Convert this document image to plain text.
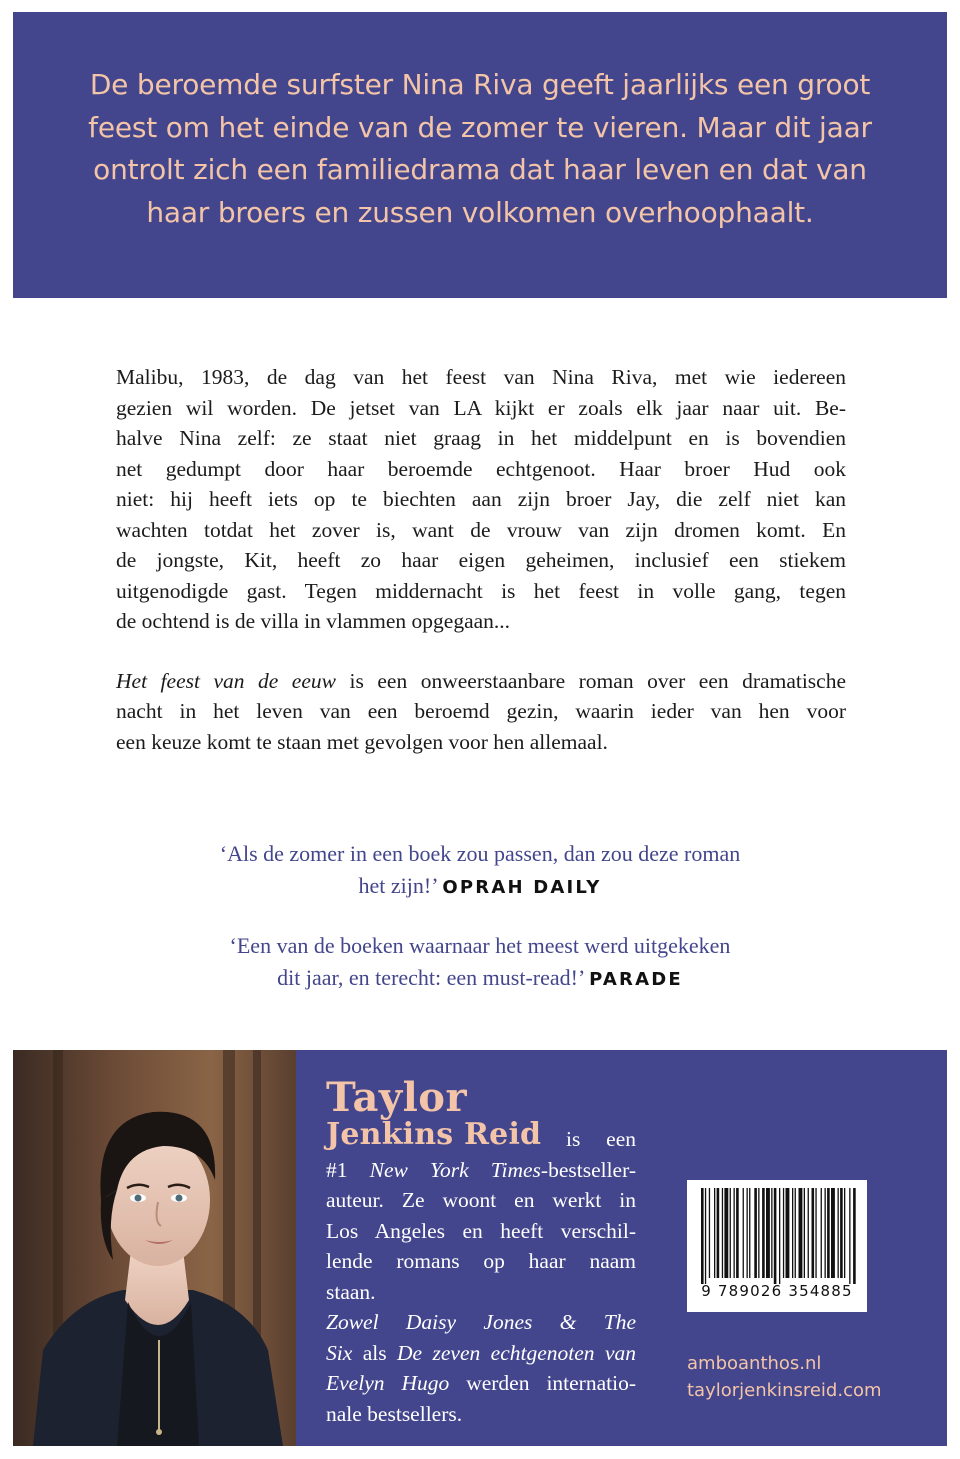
De beroemde surfster Nina Riva geeft jaarlijks een groot
feest om het einde van de zomer te vieren. Maar dit jaar
ontrolt zich een familiedrama dat haar leven en dat van
haar broers en zussen volkomen overhoophaalt.
Malibu, 1983, de dag van het feest van Nina Riva, met wie iedereen
gezien wil worden. De jetset van LA kijkt er zoals elk jaar naar uit. Be-
halve Nina zelf: ze staat niet graag in het middelpunt en is bovendien
net gedumpt door haar beroemde echtgenoot. Haar broer Hud ook
niet: hij heeft iets op te biechten aan zijn broer Jay, die zelf niet kan
wachten totdat het zover is, want de vrouw van zijn dromen komt. En
de jongste, Kit, heeft zo haar eigen geheimen, inclusief een stiekem
uitgenodigde gast. Tegen middernacht is het feest in volle gang, tegen
de ochtend is de villa in vlammen opgegaan...
Het feest van de eeuw is een onweerstaanbare roman over een dramatische
nacht in het leven van een beroemd gezin, waarin ieder van hen voor
een keuze komt te staan met gevolgen voor hen allemaal.
‘Als de zomer in een boek zou passen, dan zou deze roman
het zijn!’ OPRAH DAILY
‘Een van de boeken waarnaar het meest werd uitgekeken
dit jaar, en terecht: een must-read!’ PARADE
Taylor
Jenkins Reid	is een
#1 New York Times-bestseller-
auteur. Ze woont en werkt in
Los Angeles en heeft verschil-
lende romans op haar naam
staan.
Zowel Daisy Jones & The
Six als De zeven echtgenoten van
Evelyn Hugo werden internatio-
nale bestsellers.
9 789026 354885
amboanthos.nl
taylorjenkinsreid.com
